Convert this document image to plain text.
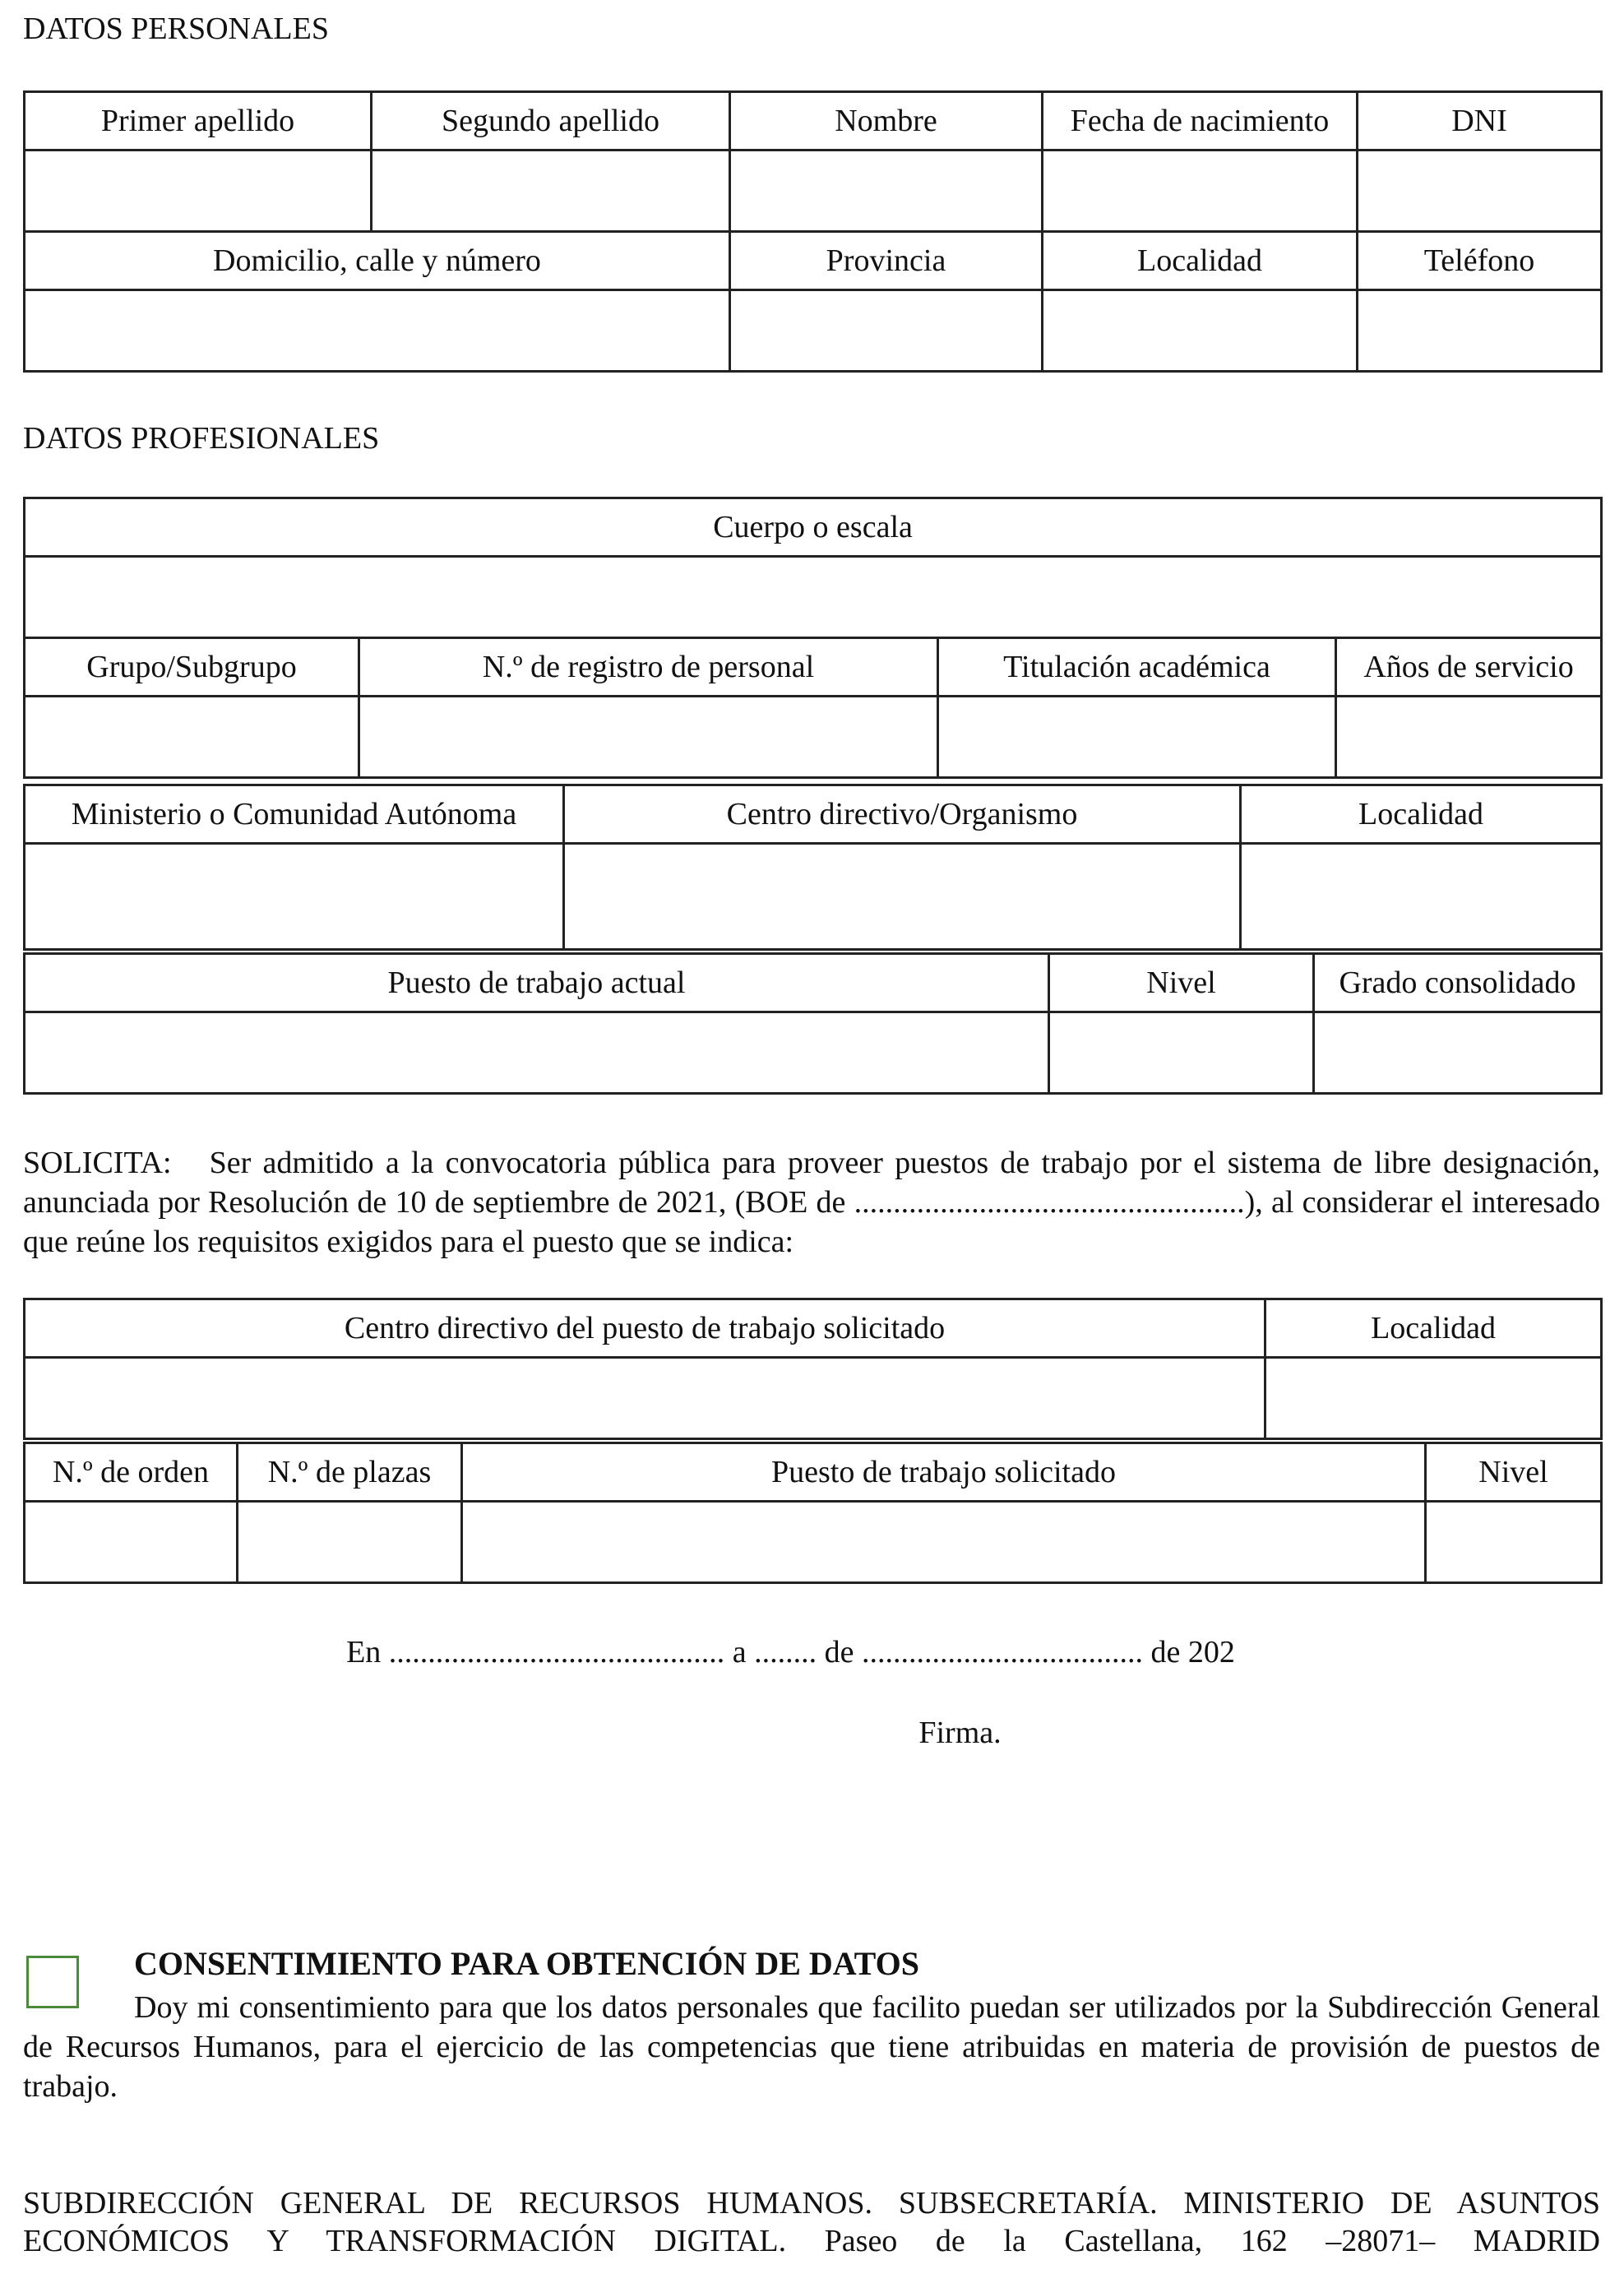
DATOS PERSONALES
Primer apellido	Segundo apellido	Nombre	Fecha de nacimiento	DNI

Domicilio, calle y número		Provincia	Localidad	Teléfono

DATOS PROFESIONALES
Cuerpo o escala			

Grupo/Subgrupo	N.º de registro de personal	Titulación académica	Años de servicio

Ministerio o Comunidad Autónoma	Centro directivo/Organismo	Localidad

Puesto de trabajo actual	Nivel	Grado consolidado

SOLICITA: Ser admitido a la convocatoria pública para proveer puestos de trabajo por el sistema de libre designación, anunciada por Resolución de 10 de septiembre de 2021, (BOE de ..................................................), al considerar el interesado que reúne los requisitos exigidos para el puesto que se indica:

Centro directivo del puesto de trabajo solicitado	Localidad

N.º de orden	N.º de plazas	Puesto de trabajo solicitado	Nivel

En ........................................... a ........ de .................................... de 202
Firma.
CONSENTIMIENTO PARA OBTENCIÓN DE DATOS

Doy mi consentimiento para que los datos personales que facilito puedan ser utilizados por la Subdirección General de Recursos Humanos, para el ejercicio de las competencias que tiene atribuidas en materia de provisión de puestos de trabajo.

SUBDIRECCIÓN GENERAL DE RECURSOS HUMANOS. SUBSECRETARÍA. MINISTERIO DE ASUNTOS ECONÓMICOS Y TRANSFORMACIÓN DIGITAL. Paseo de la Castellana, 162 –28071– MADRID
